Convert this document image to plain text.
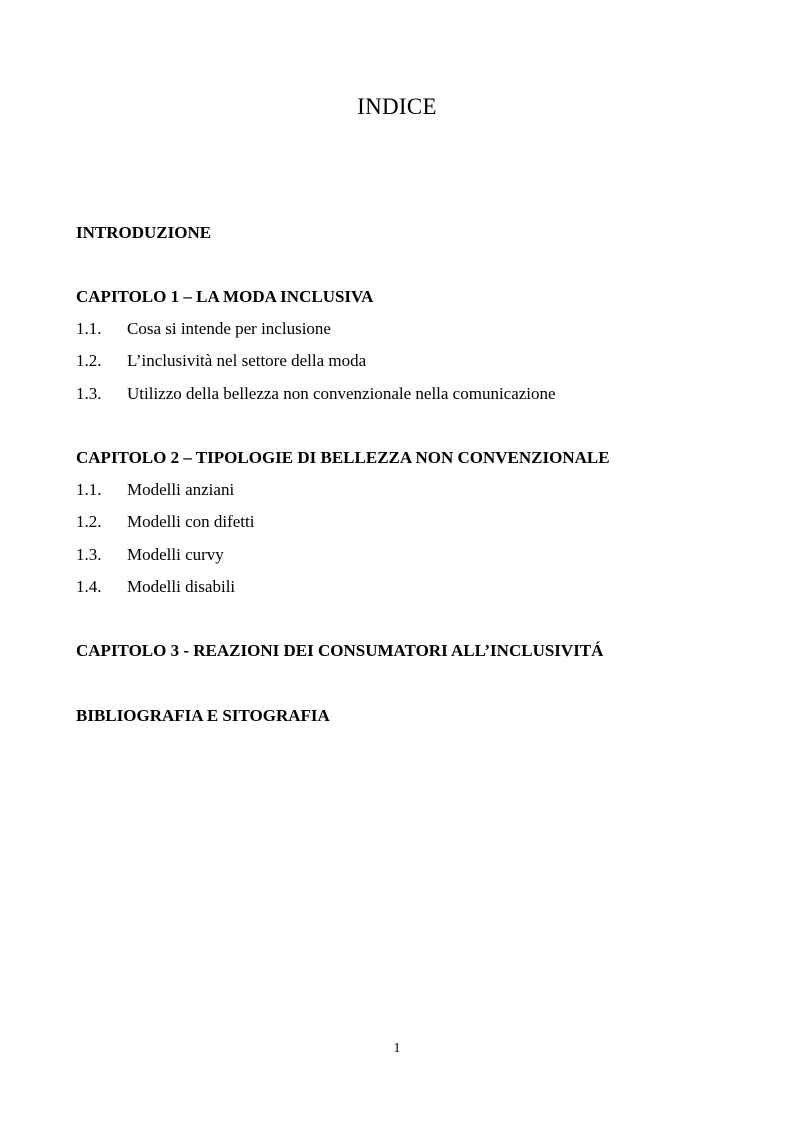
INDICE
INTRODUZIONE
CAPITOLO 1 – LA MODA INCLUSIVA
1.1. Cosa si intende per inclusione
1.2. L’inclusività nel settore della moda
1.3. Utilizzo della bellezza non convenzionale nella comunicazione
CAPITOLO 2 – TIPOLOGIE DI BELLEZZA NON CONVENZIONALE
1.1. Modelli anziani
1.2. Modelli con difetti
1.3. Modelli curvy
1.4. Modelli disabili
CAPITOLO 3 - REAZIONI DEI CONSUMATORI ALL’INCLUSIVITÁ
BIBLIOGRAFIA E SITOGRAFIA
1
